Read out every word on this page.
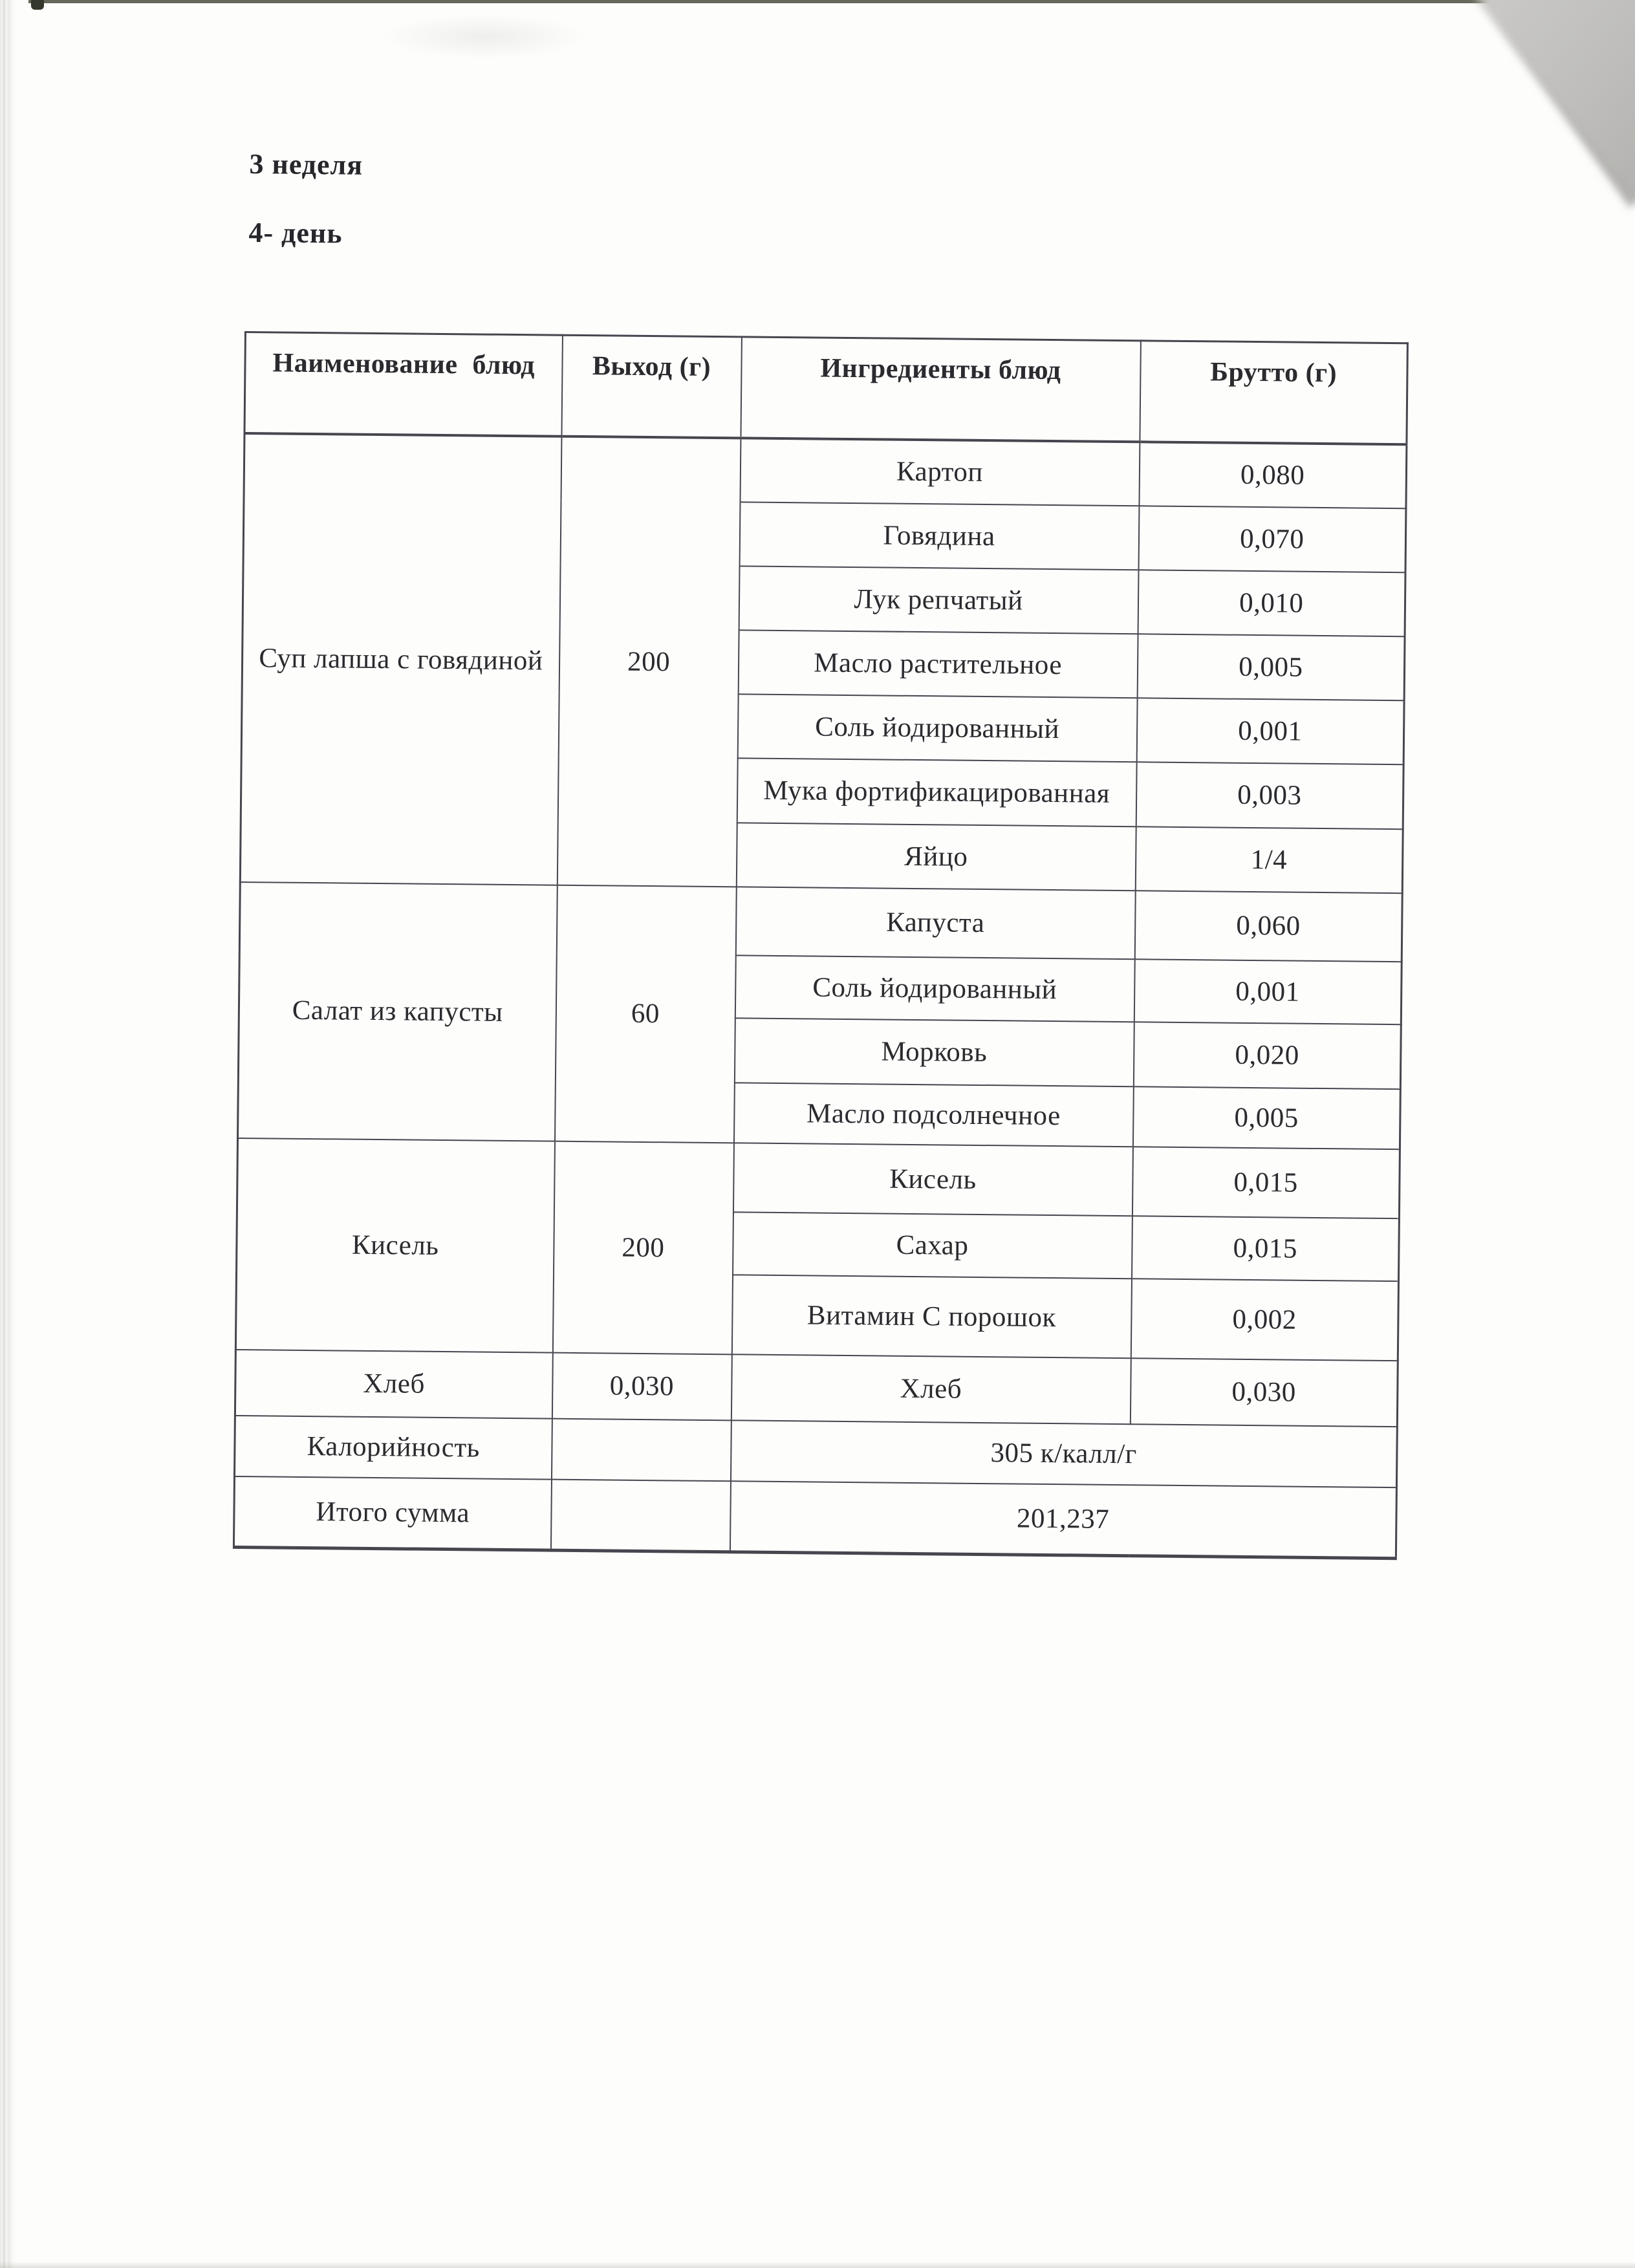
3 неделя
4- день
Наименование блюд	Выход (г)	Ингредиенты блюд	Брутто (г)
Суп лапша с говядиной	200	Картоп	0,080
		Говядина	0,070
		Лук репчатый	0,010
		Масло растительное	0,005
		Соль йодированный	0,001
		Мука фортификацированная	0,003
		Яйцо	1/4
Салат из капусты	60	Капуста	0,060
		Соль йодированный	0,001
		Морковь	0,020
		Масло подсолнечное	0,005
Кисель	200	Кисель	0,015
		Сахар	0,015
		Витамин С порошок	0,002
Хлеб	0,030	Хлеб	0,030
Калорийность		305 к/калл/г	
Итого сумма		201,237	
